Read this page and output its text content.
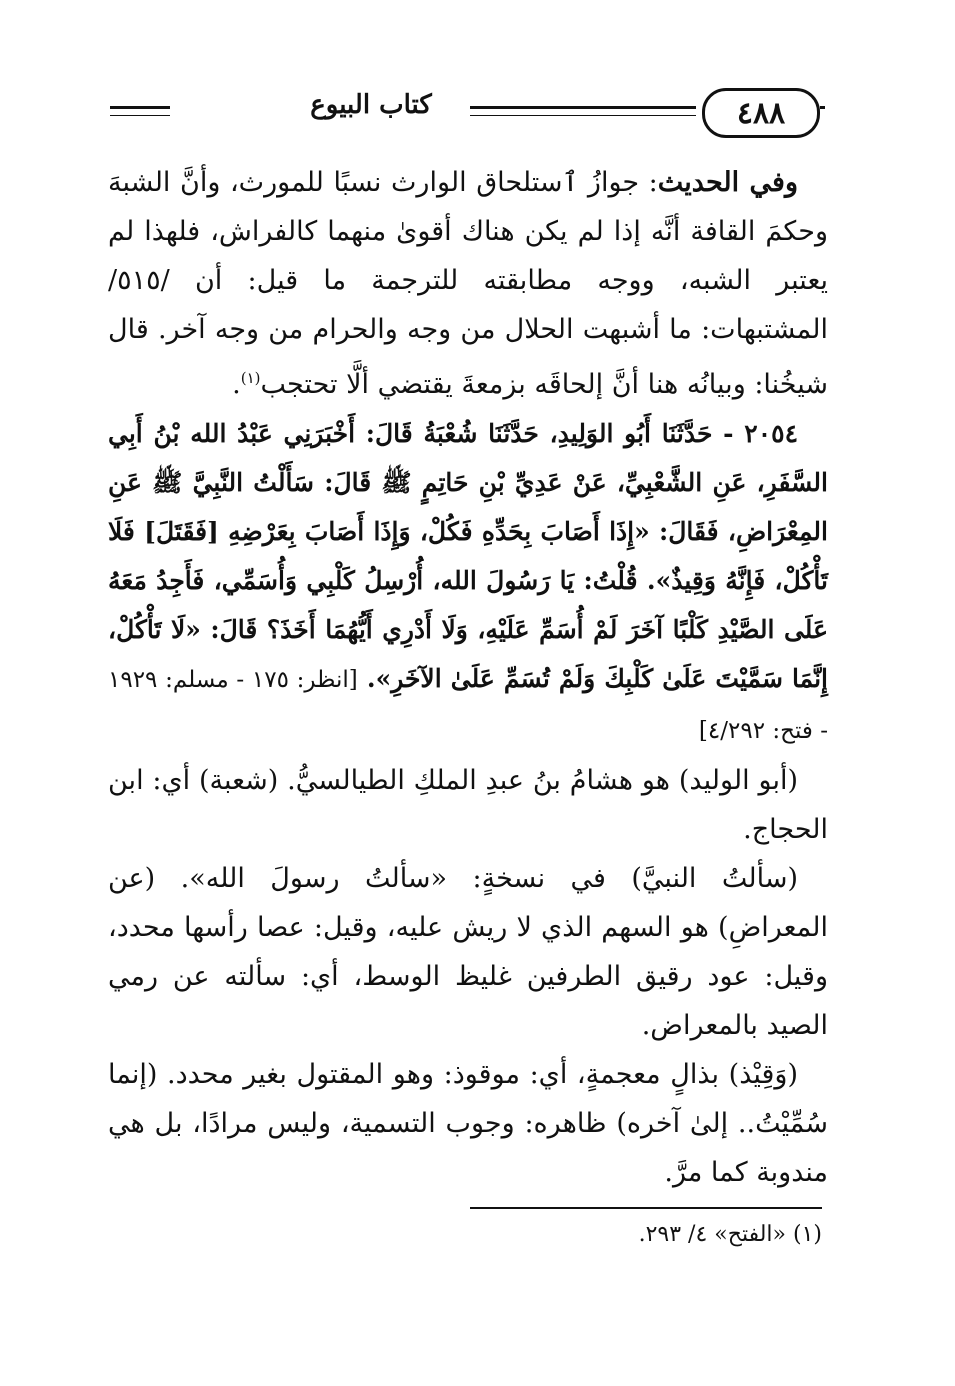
كتاب البيوع	٤٨٨

وفي الحديث: جوازُ ٱستلحاق الوارث نسبًا للمورث، وأنَّ الشبهَ وحكمَ القافة أنَّه إذا لم يكن هناك أقوىٰ منهما كالفراش، فلهذا لم يعتبر الشبه، ووجه مطابقته للترجمة ما قيل: أن /٥١٥/ المشتبهات: ما أشبهت الحلال من وجه والحرام من وجه آخر. قال شيخُنا: وبيانُه هنا أنَّ إلحاقَه بزمعةَ يقتضي ألَّا تحتجب$^{(١)}$.

٢٠٥٤ - حَدَّثَنَا أَبُو الوَلِيدِ، حَدَّثَنَا شُعْبَةُ قَالَ: أَخْبَرَنِي عَبْدُ الله بْنُ أَبِي السَّفَرِ، عَنِ الشَّعْبِيِّ، عَنْ عَدِيِّ بْنِ حَاتِمٍ ﷺ قَالَ: سَأَلْتُ النَّبِيَّ ﷺ عَنِ المِعْرَاضِ، فَقَالَ: «إِذَا أَصَابَ بِحَدِّهِ فَكُلْ، وَإِذَا أَصَابَ بِعَرْضِهِ [فَقَتَلَ] فَلَا تَأْكُلْ، فَإِنَّهُ وَقِيذٌ». قُلْتُ: يَا رَسُولَ الله، أُرْسِلُ كَلْبِي وَأُسَمِّي، فَأَجِدُ مَعَهُ عَلَى الصَّيْدِ كَلْبًا آخَرَ لَمْ أُسَمِّ عَلَيْهِ، وَلَا أَدْرِي أَيُّهُمَا أَخَذَ؟ قَالَ: «لَا تَأْكُلْ، إِنَّمَا سَمَّيْتَ عَلَىٰ كَلْبِكَ وَلَمْ تُسَمِّ عَلَىٰ الآخَرِ». [انظر: ١٧٥ - مسلم: ١٩٢٩ - فتح: ٤/٢٩٢]

(أبو الوليد) هو هشامُ بنُ عبدِ الملكِ الطيالسيُّ. (شعبة) أي: ابن الحجاج.

(سألتُ النبيَّ) في نسخةٍ: «سألتُ رسولَ الله». (عن المعراضِ) هو السهم الذي لا ريش عليه، وقيل: عصا رأسها محدد، وقيل: عود رقيق الطرفين غليظ الوسط، أي: سألته عن رمي الصيد بالمعراض.

(وَقِيْذ) بذالٍ معجمةٍ، أي: موقوذ: وهو المقتول بغير محدد. (إنما سُمِّيْتُ.. إلىٰ آخره) ظاهره: وجوب التسمية، وليس مرادًا، بل هي مندوبة كما مرَّ.

(١) «الفتح» ٤/ ٢٩٣.
